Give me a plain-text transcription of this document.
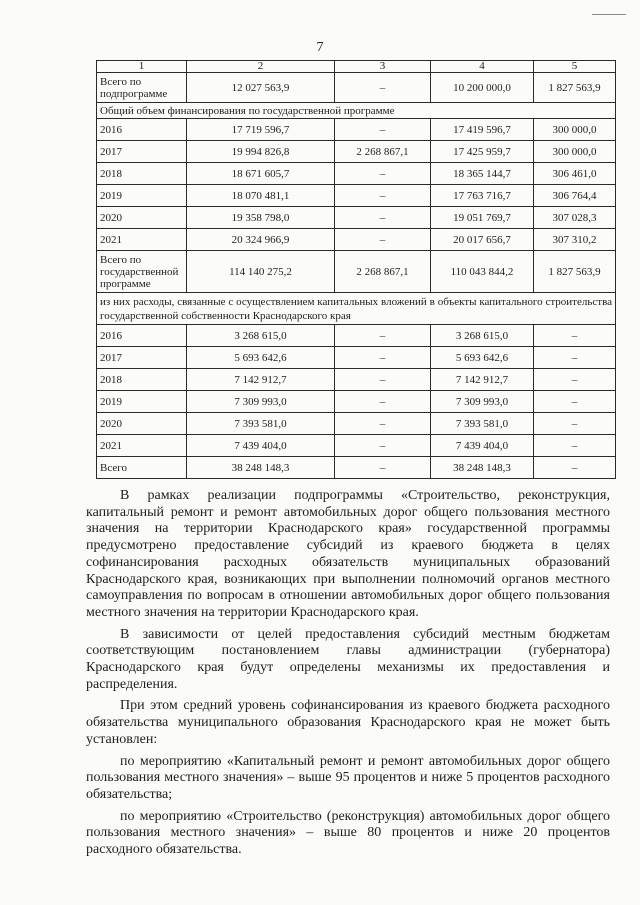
7
1	2	3	4	5
Всего по подпрограмме	12 027 563,9	–	10 200 000,0	1 827 563,9
Общий объем финансирования по государственной программе				
2016	17 719 596,7	–	17 419 596,7	300 000,0
2017	19 994 826,8	2 268 867,1	17 425 959,7	300 000,0
2018	18 671 605,7	–	18 365 144,7	306 461,0
2019	18 070 481,1	–	17 763 716,7	306 764,4
2020	19 358 798,0	–	19 051 769,7	307 028,3
2021	20 324 966,9	–	20 017 656,7	307 310,2
Всего по государственной программе	114 140 275,2	2 268 867,1	110 043 844,2	1 827 563,9
из них расходы, связанные с осуществлением капитальных вложений в объекты капитального строительства государственной собственности Краснодарского края				
2016	3 268 615,0	–	3 268 615,0	–
2017	5 693 642,6	–	5 693 642,6	–
2018	7 142 912,7	–	7 142 912,7	–
2019	7 309 993,0	–	7 309 993,0	–
2020	7 393 581,0	–	7 393 581,0	–
2021	7 439 404,0	–	7 439 404,0	–
Всего	38 248 148,3	–	38 248 148,3	–

В рамках реализации подпрограммы «Строительство, реконструкция, капитальный ремонт и ремонт автомобильных дорог общего пользования местного значения на территории Краснодарского края» государственной программы предусмотрено предоставление субсидий из краевого бюджета в целях софинансирования расходных обязательств муниципальных образований Краснодарского края, возникающих при выполнении полномочий органов местного самоуправления по вопросам в отношении автомобильных дорог общего пользования местного значения на территории Краснодарского края.

В зависимости от целей предоставления субсидий местным бюджетам соответствующим постановлением главы администрации (губернатора) Краснодарского края будут определены механизмы их предоставления и распределения.

При этом средний уровень софинансирования из краевого бюджета расходного обязательства муниципального образования Краснодарского края не может быть установлен:

по мероприятию «Капитальный ремонт и ремонт автомобильных дорог общего пользования местного значения» – выше 95 процентов и ниже 5 процентов расходного обязательства;

по мероприятию «Строительство (реконструкция) автомобильных дорог общего пользования местного значения» – выше 80 процентов и ниже 20 процентов расходного обязательства.
